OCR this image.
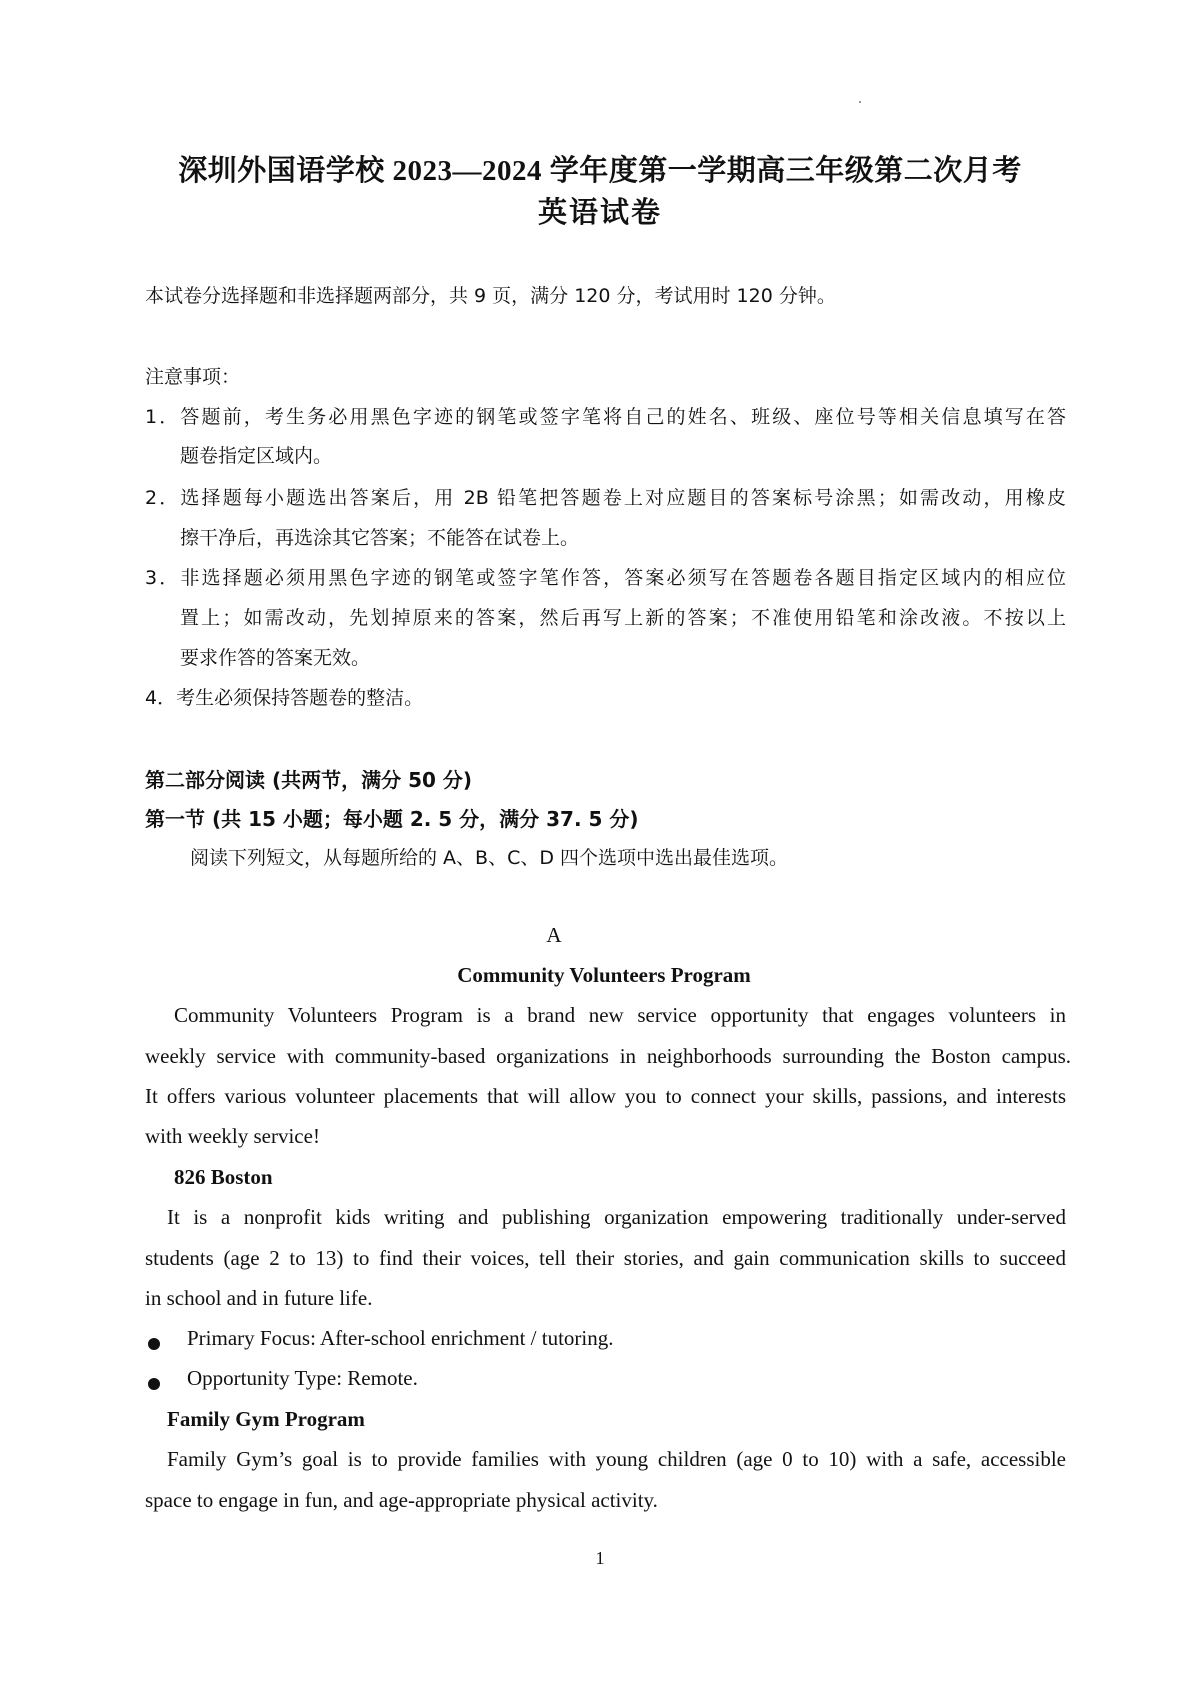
深圳外国语学校 2023—2024 学年度第一学期高三年级第二次月考
英语试卷
本试卷分选择题和非选择题两部分，共 9 页，满分 120 分，考试用时 120 分钟。
注意事项：
1．答题前，考生务必用黑色字迹的钢笔或签字笔将自己的姓名、班级、座位号等相关信息填写在答
题卷指定区域内。
2．选择题每小题选出答案后，用 2B 铅笔把答题卷上对应题目的答案标号涂黑；如需改动，用橡皮
擦干净后，再选涂其它答案；不能答在试卷上。
3．非选择题必须用黑色字迹的钢笔或签字笔作答，答案必须写在答题卷各题目指定区域内的相应位
置上；如需改动，先划掉原来的答案，然后再写上新的答案；不准使用铅笔和涂改液。不按以上
要求作答的答案无效。
4．考生必须保持答题卷的整洁。
第二部分阅读 (共两节，满分 50 分)
第一节 (共 15 小题；每小题 2. 5 分，满分 37. 5 分)
阅读下列短文，从每题所给的 A、B、C、D 四个选项中选出最佳选项。
A
Community Volunteers Program
Community Volunteers Program is a brand new service opportunity that engages volunteers in
weekly service with community-based organizations in neighborhoods surrounding the Boston campus.
It offers various volunteer placements that will allow you to connect your skills, passions, and interests
with weekly service!
826 Boston
It is a nonprofit kids writing and publishing organization empowering traditionally under-served
students (age 2 to 13) to find their voices, tell their stories, and gain communication skills to succeed
in school and in future life.
Primary Focus: After-school enrichment / tutoring.
Opportunity Type: Remote.
Family Gym Program
Family Gym’s goal is to provide families with young children (age 0 to 10) with a safe, accessible
space to engage in fun, and age-appropriate physical activity.
1
